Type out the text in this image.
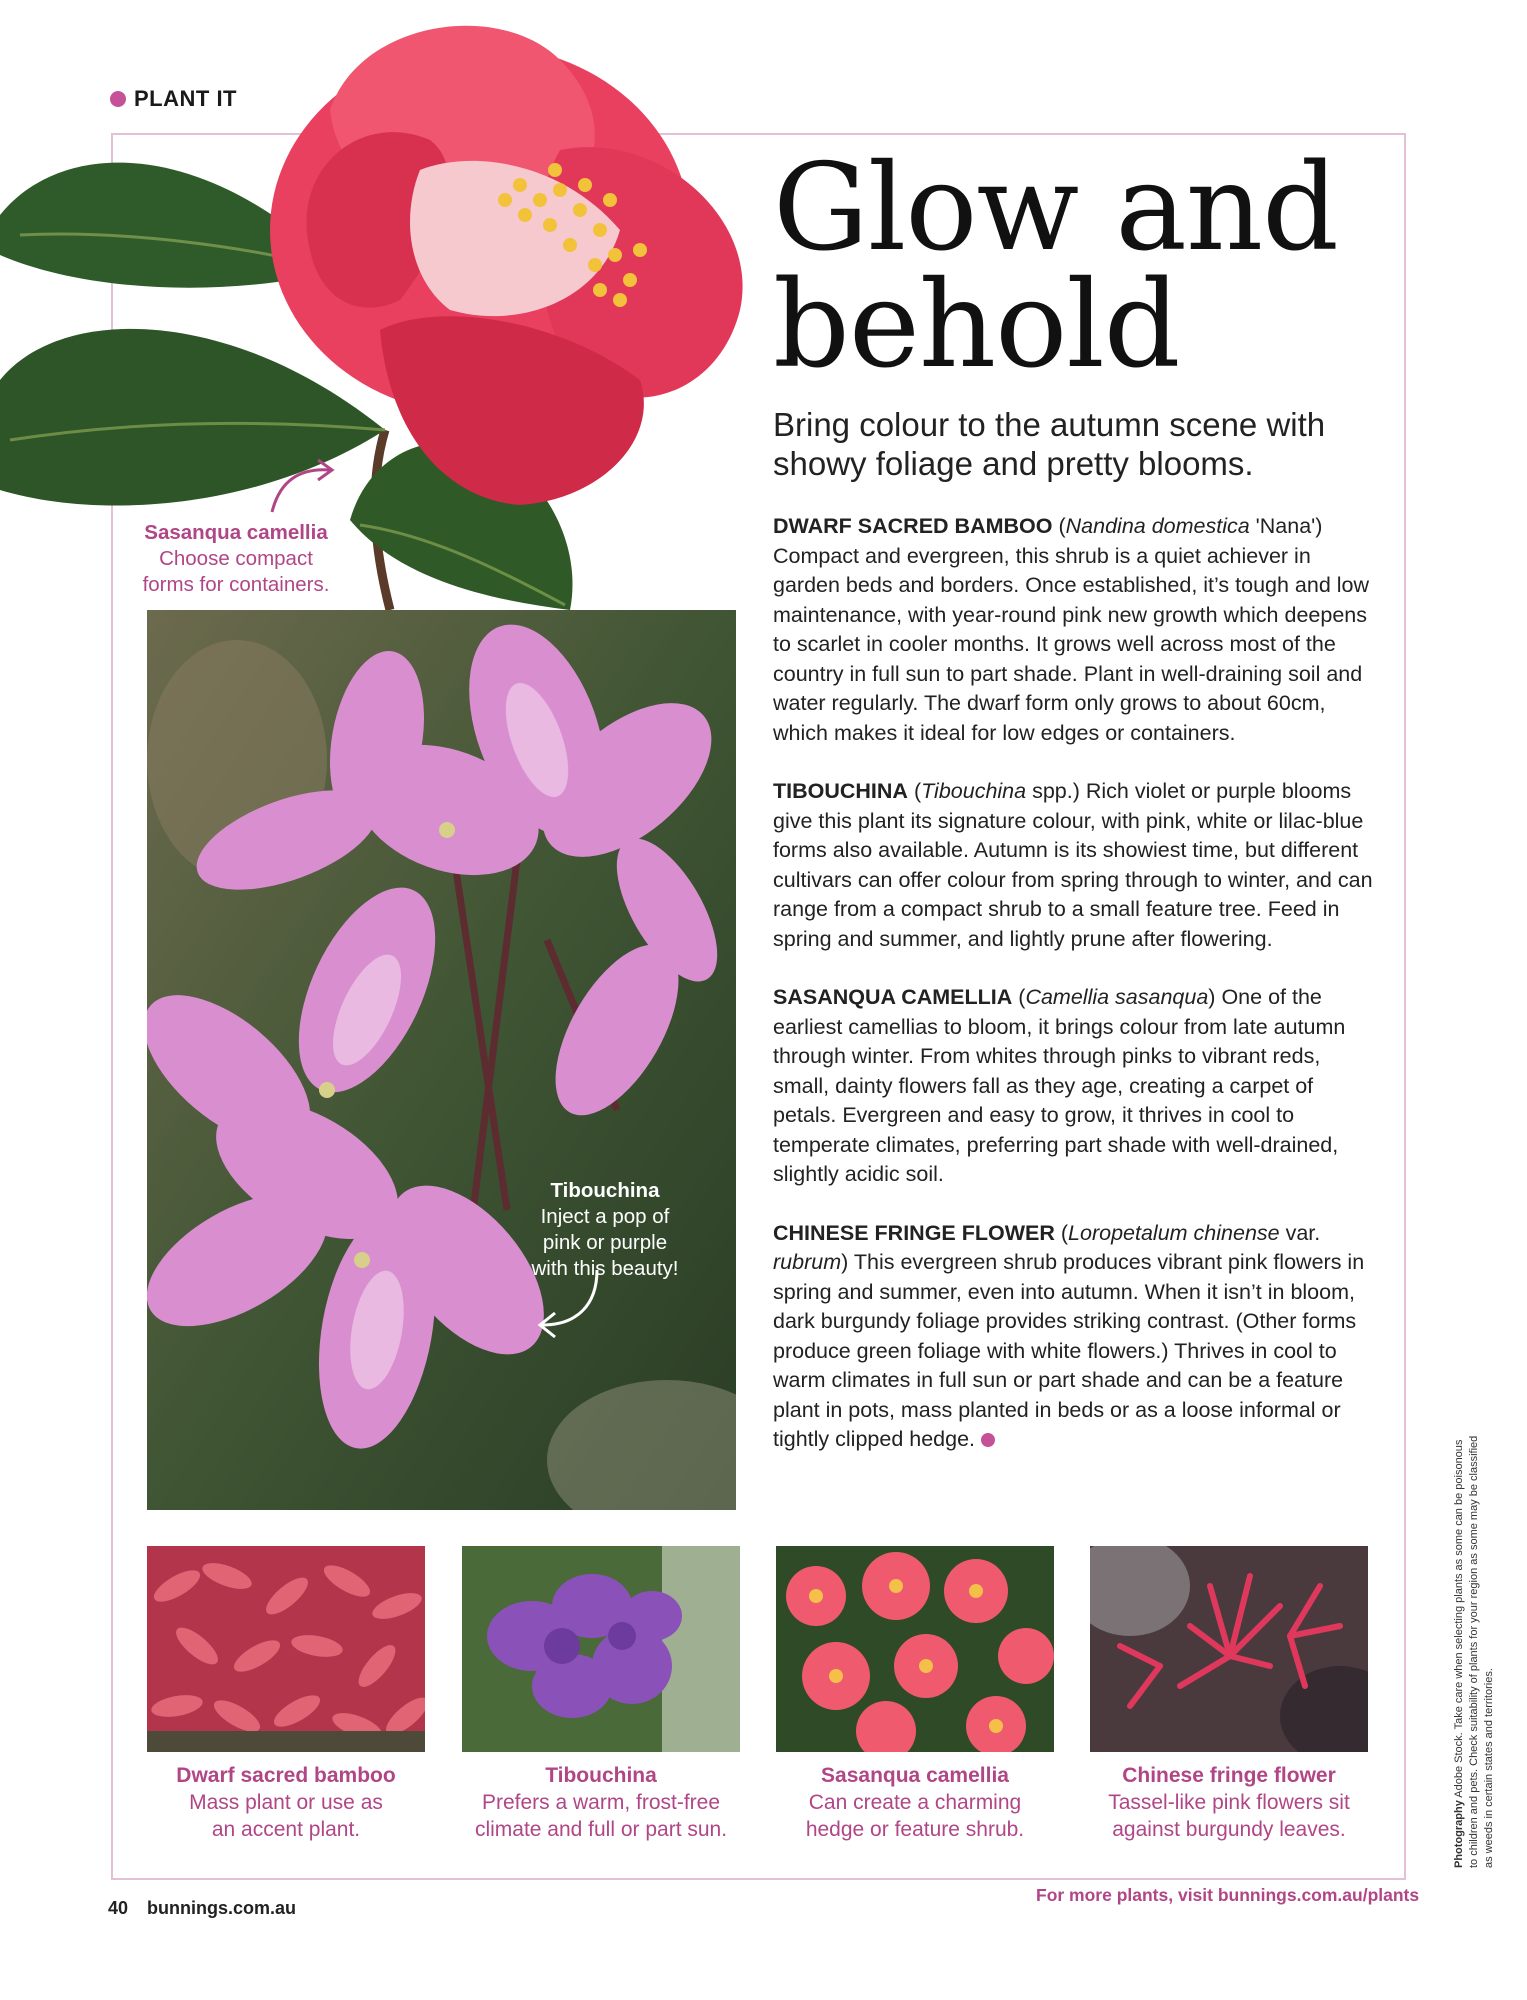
PLANT IT
Sasanqua camellia
Choose compact
forms for containers.
Glow and
behold
Bring colour to the autumn scene with showy foliage and pretty blooms.

DWARF SACRED BAMBOO (Nandina domestica 'Nana') Compact and evergreen, this shrub is a quiet achiever in garden beds and borders. Once established, it’s tough and low maintenance, with year-round pink new growth which deepens to scarlet in cooler months. It grows well across most of the country in full sun to part shade. Plant in well-draining soil and water regularly. The dwarf form only grows to about 60cm, which makes it ideal for low edges or containers.

TIBOUCHINA (Tibouchina spp.) Rich violet or purple blooms give this plant its signature colour, with pink, white or lilac-blue forms also available. Autumn is its showiest time, but different cultivars can offer colour from spring through to winter, and can range from a compact shrub to a small feature tree. Feed in spring and summer, and lightly prune after flowering.

SASANQUA CAMELLIA (Camellia sasanqua) One of the earliest camellias to bloom, it brings colour from late autumn through winter. From whites through pinks to vibrant reds, small, dainty flowers fall as they age, creating a carpet of petals. Evergreen and easy to grow, it thrives in cool to temperate climates, preferring part shade with well-drained, slightly acidic soil.

CHINESE FRINGE FLOWER (Loropetalum chinense var. rubrum) This evergreen shrub produces vibrant pink flowers in spring and summer, even into autumn. When it isn’t in bloom, dark burgundy foliage provides striking contrast. (Other forms produce green foliage with white flowers.) Thrives in cool to warm climates in full sun or part shade and can be a feature plant in pots, mass planted in beds or as a loose informal or tightly clipped hedge.

Tibouchina
Inject a pop of
pink or purple
with this beauty!
Dwarf sacred bamboo
Mass plant or use as
an accent plant.
Tibouchina
Prefers a warm, frost-free
climate and full or part sun.
Sasanqua camellia
Can create a charming
hedge or feature shrub.
Chinese fringe flower
Tassel-like pink flowers sit
against burgundy leaves.
40 bunnings.com.au
For more plants, visit bunnings.com.au/plants
Photography Adobe Stock. Take care when selecting plants as some can be poisonous to children and pets. Check suitability of plants for your region as some may be classified as weeds in certain states and territories.
